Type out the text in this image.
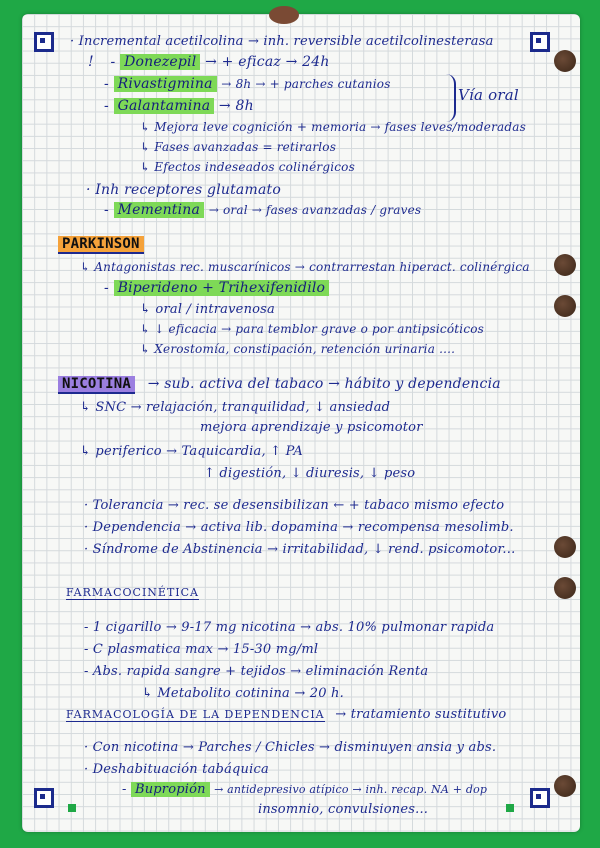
· Incremental acetilcolina → inh. reversible acetilcolinesterasa
! - Donezepil → + eficaz → 24h
- Rivastigmina → 8h → + parches cutanios
- Galantamina → 8h
Vía oral
↳ Mejora leve cognición + memoria → fases leves/moderadas
↳ Fases avanzadas = retirarlos
↳ Efectos indeseados colinérgicos
· Inh receptores glutamato
- Mementina → oral → fases avanzadas / graves
PARKINSON
↳ Antagonistas rec. muscarínicos → contrarrestan hiperact. colinérgica
- Biperideno + Trihexifenidilo
↳ oral / intravenosa
↳ ↓ eficacia → para temblor grave o por antipsicóticos
↳ Xerostomía, constipación, retención urinaria ....
NICOTINA → sub. activa del tabaco → hábito y dependencia
↳ SNC → relajación, tranquilidad, ↓ ansiedad
mejora aprendizaje y psicomotor
↳ periferico → Taquicardia, ↑ PA
↑ digestión, ↓ diuresis, ↓ peso
· Tolerancia → rec. se desensibilizan ← + tabaco mismo efecto
· Dependencia → activa lib. dopamina → recompensa mesolimb.
· Síndrome de Abstinencia → irritabilidad, ↓ rend. psicomotor...
FARMACOCINÉTICA
- 1 cigarillo → 9-17 mg nicotina → abs. 10% pulmonar rapida
- C plasmatica max → 15-30 mg/ml
- Abs. rapida sangre + tejidos → eliminación Renta
↳ Metabolito cotinina → 20 h.
FARMACOLOGÍA DE LA DEPENDENCIA → tratamiento sustitutivo
· Con nicotina → Parches / Chicles → disminuyen ansia y abs.
· Deshabituación tabáquica
- Bupropión → antidepresivo atípico → inh. recap. NA + dop
insomnio, convulsiones...
